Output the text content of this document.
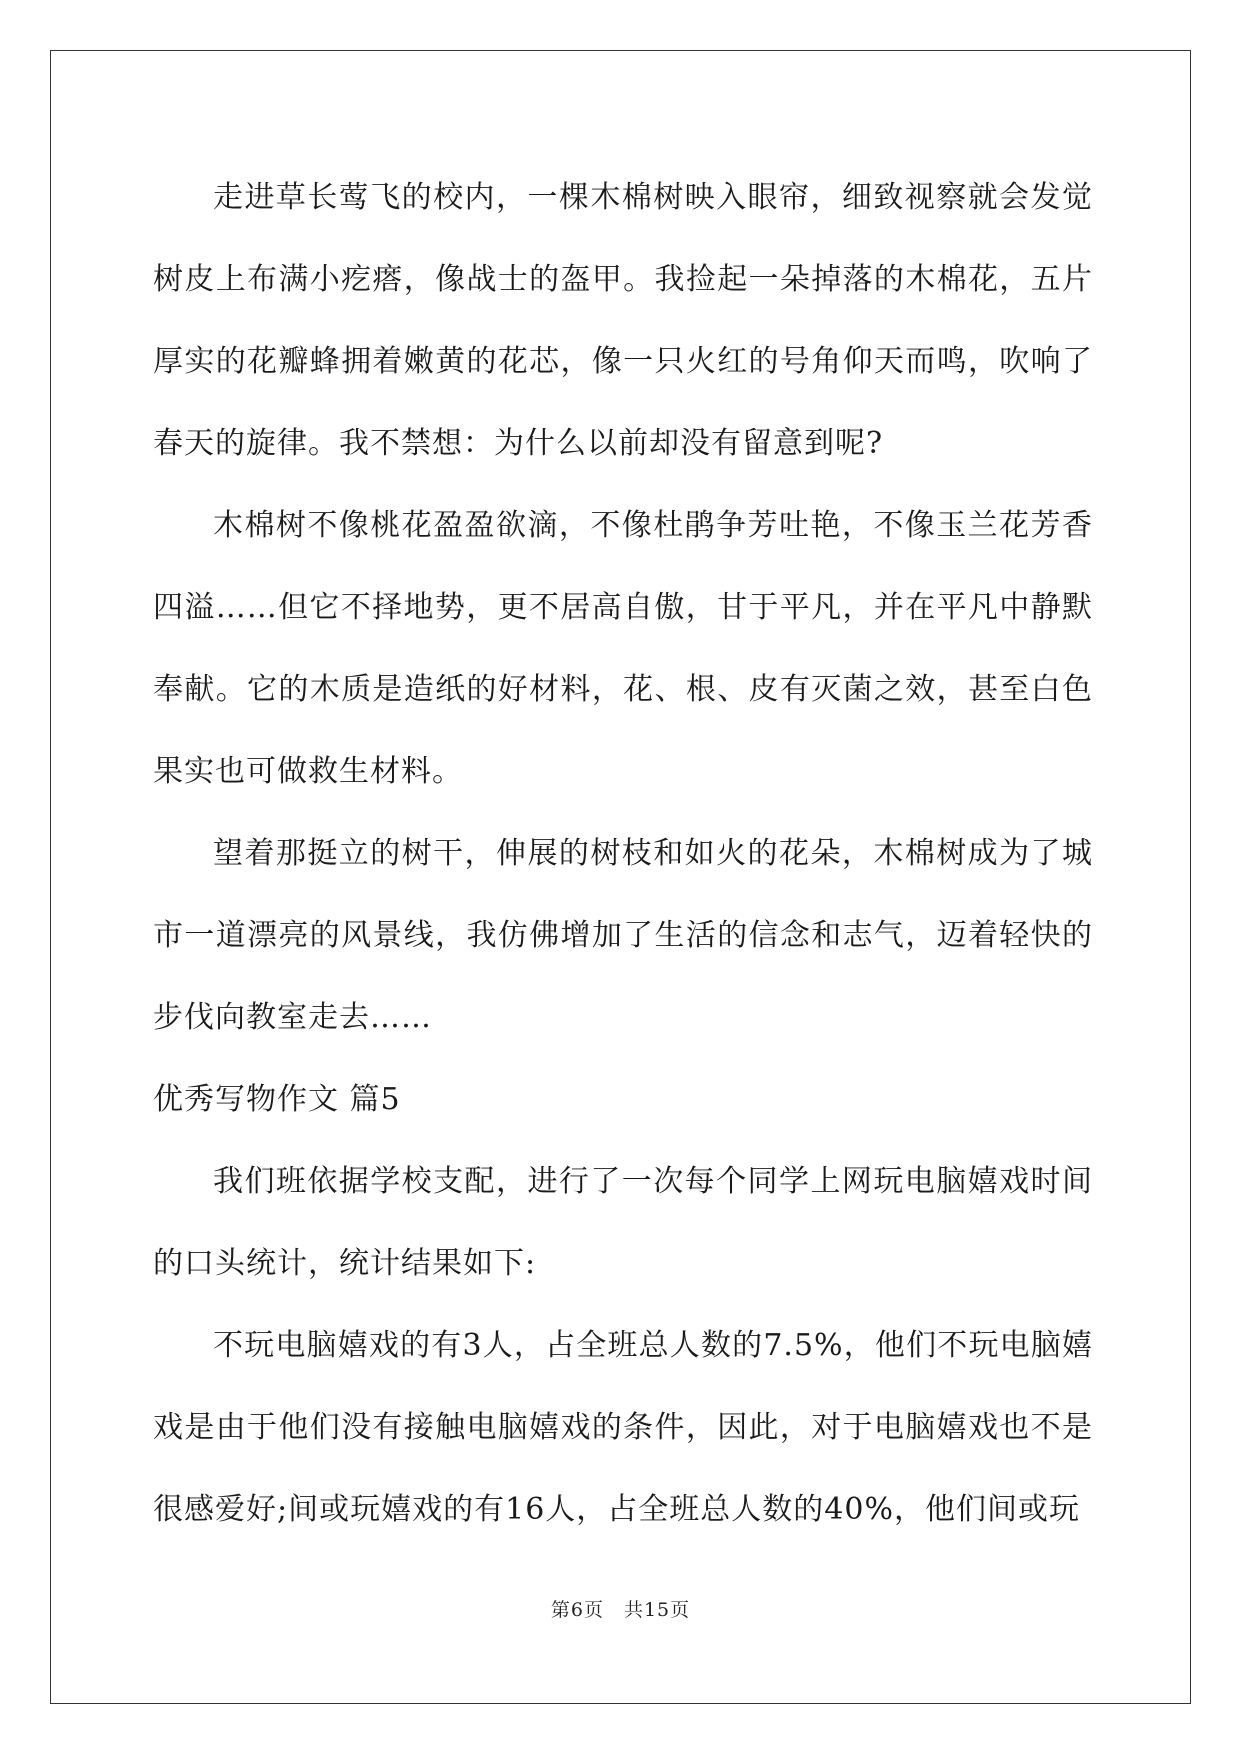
走进草长莺飞的校内，一棵木棉树映入眼帘，细致视察就会发觉树皮上布满小疙瘩，像战士的盔甲。我捡起一朵掉落的木棉花，五片厚实的花瓣蜂拥着嫩黄的花芯，像一只火红的号角仰天而鸣，吹响了春天的旋律。我不禁想：为什么以前却没有留意到呢?

木棉树不像桃花盈盈欲滴，不像杜鹃争芳吐艳，不像玉兰花芳香四溢……但它不择地势，更不居高自傲，甘于平凡，并在平凡中静默奉献。它的木质是造纸的好材料，花、根、皮有灭菌之效，甚至白色果实也可做救生材料。

望着那挺立的树干，伸展的树枝和如火的花朵，木棉树成为了城市一道漂亮的风景线，我仿佛增加了生活的信念和志气，迈着轻快的步伐向教室走去……

优秀写物作文 篇5

我们班依据学校支配，进行了一次每个同学上网玩电脑嬉戏时间的口头统计，统计结果如下:

不玩电脑嬉戏的有3人，占全班总人数的7.5%，他们不玩电脑嬉戏是由于他们没有接触电脑嬉戏的条件，因此，对于电脑嬉戏也不是很感爱好;间或玩嬉戏的有16人，占全班总人数的40%，他们间或玩

第6页　共15页
